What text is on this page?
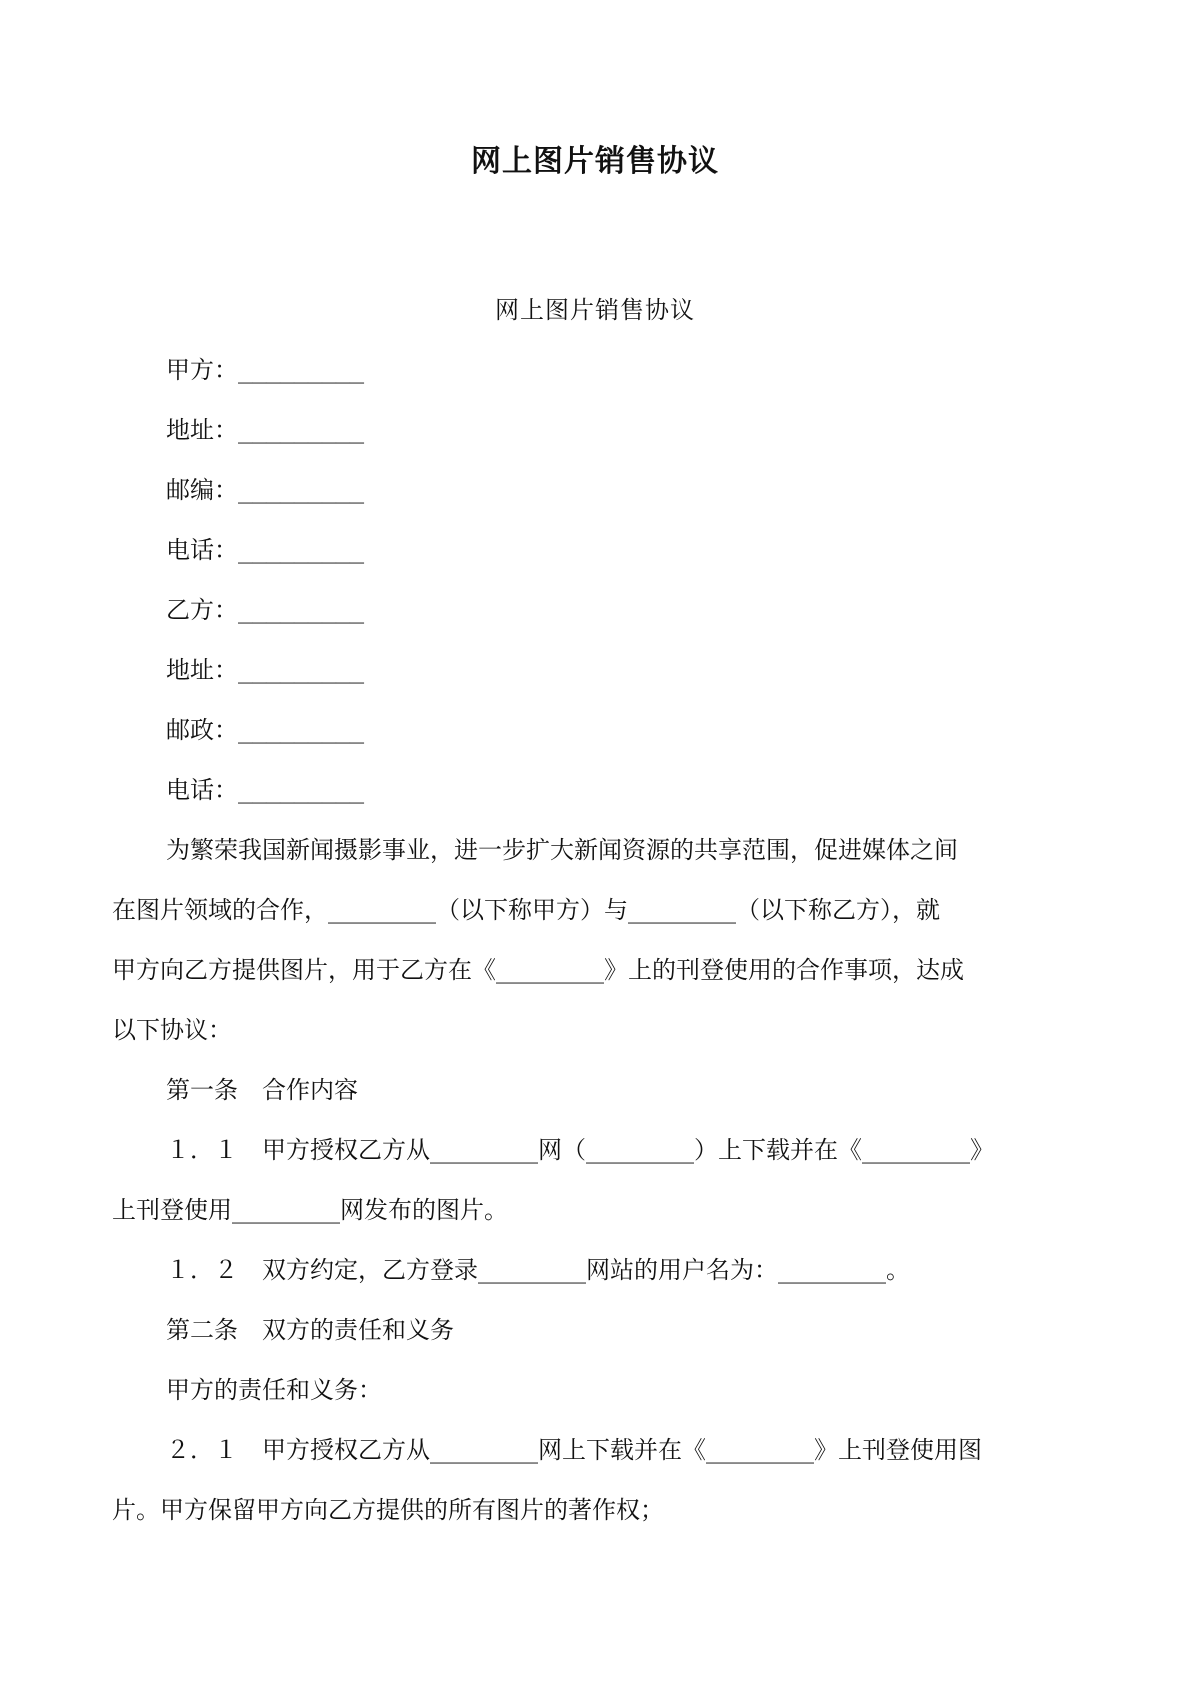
网上图片销售协议

网上图片销售协议

甲方：_________
地址：_________
邮编：_________
电话：_________
乙方：_________
地址：_________
邮政：_________
电话：_________

为繁荣我国新闻摄影事业，进一步扩大新闻资源的共享范围，促进媒体之间

在图片领域的合作，_________（以下称甲方）与_________（以下称乙方），就

甲方向乙方提供图片，用于乙方在《_________》上的刊登使用的合作事项，达成

以下协议：

第一条　合作内容

１．１　甲方授权乙方从_________网（_________）上下载并在《_________》

上刊登使用_________网发布的图片。

１．２　双方约定，乙方登录_________网站的用户名为：_________。

第二条　双方的责任和义务

甲方的责任和义务：

２．１　甲方授权乙方从_________网上下载并在《_________》上刊登使用图

片。甲方保留甲方向乙方提供的所有图片的著作权；
